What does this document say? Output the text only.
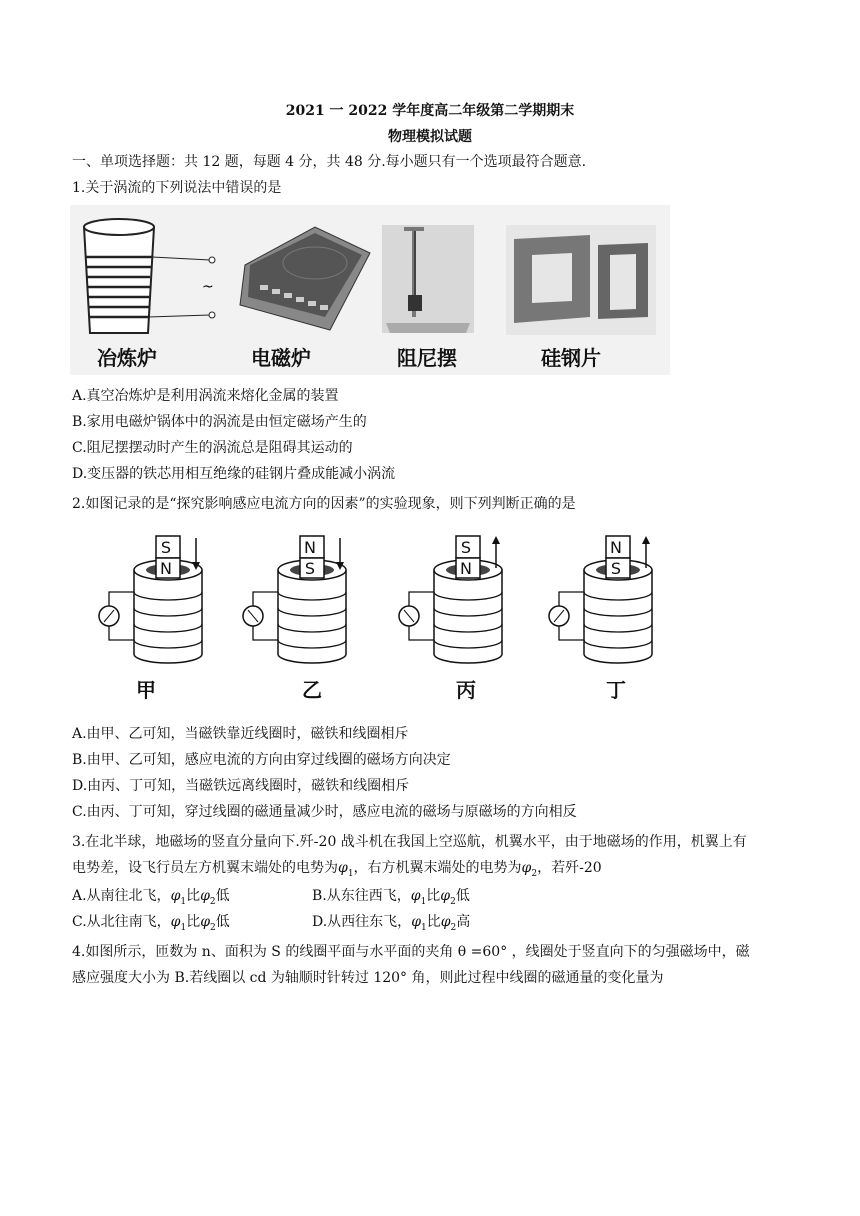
2021 一 2022 学年度高二年级第二学期期末
物理模拟试题
一、单项选择题：共 12 题，每题 4 分，共 48 分.每小题只有一个选项最符合题意.
1.关于涡流的下列说法中错误的是
~
冶炼炉	电磁炉	阻尼摆	硅钢片
A.真空冶炼炉是利用涡流来熔化金属的装置
B.家用电磁炉锅体中的涡流是由恒定磁场产生的
C.阻尼摆摆动时产生的涡流总是阻碍其运动的
D.变压器的铁芯用相互绝缘的硅钢片叠成能减小涡流
2.如图记录的是“探究影响感应电流方向的因素”的实验现象，则下列判断正确的是
S
N
N
S
S
N
N
S
甲	乙	丙	丁
A.由甲、乙可知，当磁铁靠近线圈时，磁铁和线圈相斥
B.由甲、乙可知，感应电流的方向由穿过线圈的磁场方向决定
D.由丙、丁可知，当磁铁远离线圈时，磁铁和线圈相斥
C.由丙、丁可知，穿过线圈的磁通量减少时，感应电流的磁场与原磁场的方向相反
3.在北半球，地磁场的竖直分量向下.歼-20 战斗机在我国上空巡航，机翼水平，由于地磁场的作用，机翼上有
电势差，设飞行员左方机翼末端处的电势为$\varphi_1$，右方机翼末端处的电势为$\varphi_2$，若歼-20
A.从南往北飞，$\varphi_1$比$\varphi_2$低	B.从东往西飞，$\varphi_1$比$\varphi_2$低
C.从北往南飞，$\varphi_1$比$\varphi_2$低	D.从西往东飞，$\varphi_1$比$\varphi_2$高
4.如图所示，匝数为 n、面积为 S 的线圈平面与水平面的夹角 θ =60° ，线圈处于竖直向下的匀强磁场中，磁
感应强度大小为 B.若线圈以 cd 为轴顺时针转过 120° 角，则此过程中线圈的磁通量的变化量为
